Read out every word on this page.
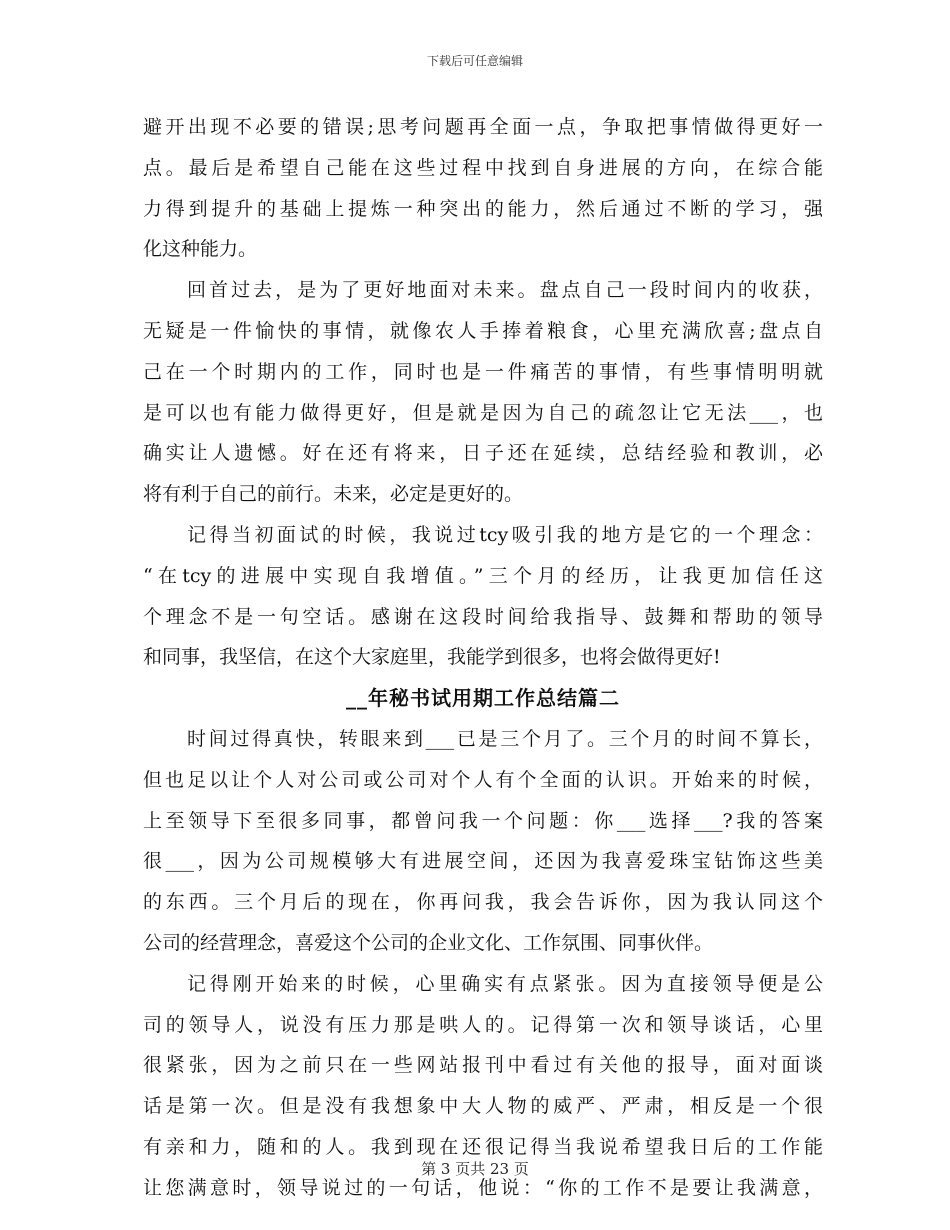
下载后可任意编辑
避开出现不必要的错误;思考问题再全面一点，争取把事情做得更好一
点。最后是希望自己能在这些过程中找到自身进展的方向，在综合能
力得到提升的基础上提炼一种突出的能力，然后通过不断的学习，强
化这种能力。
回首过去，是为了更好地面对未来。盘点自己一段时间内的收获，
无疑是一件愉快的事情，就像农人手捧着粮食，心里充满欣喜;盘点自
己在一个时期内的工作，同时也是一件痛苦的事情，有些事情明明就
是可以也有能力做得更好，但是就是因为自己的疏忽让它无法___，也
确实让人遗憾。好在还有将来，日子还在延续，总结经验和教训，必
将有利于自己的前行。未来，必定是更好的。
记得当初面试的时候，我说过tcy吸引我的地方是它的一个理念：
“在tcy的进展中实现自我增值。”三个月的经历，让我更加信任这
个理念不是一句空话。感谢在这段时间给我指导、鼓舞和帮助的领导
和同事，我坚信，在这个大家庭里，我能学到很多，也将会做得更好!
__年秘书试用期工作总结篇二
时间过得真快，转眼来到___已是三个月了。三个月的时间不算长，
但也足以让个人对公司或公司对个人有个全面的认识。开始来的时候，
上至领导下至很多同事，都曾问我一个问题：你___选择___?我的答案
很___，因为公司规模够大有进展空间，还因为我喜爱珠宝钻饰这些美
的东西。三个月后的现在，你再问我，我会告诉你，因为我认同这个
公司的经营理念，喜爱这个公司的企业文化、工作氛围、同事伙伴。
记得刚开始来的时候，心里确实有点紧张。因为直接领导便是公
司的领导人，说没有压力那是哄人的。记得第一次和领导谈话，心里
很紧张，因为之前只在一些网站报刊中看过有关他的报导，面对面谈
话是第一次。但是没有我想象中大人物的威严、严肃，相反是一个很
有亲和力，随和的人。我到现在还很记得当我说希望我日后的工作能
让您满意时，领导说过的一句话，他说：“你的工作不是要让我满意，
第 3 页共 23 页
